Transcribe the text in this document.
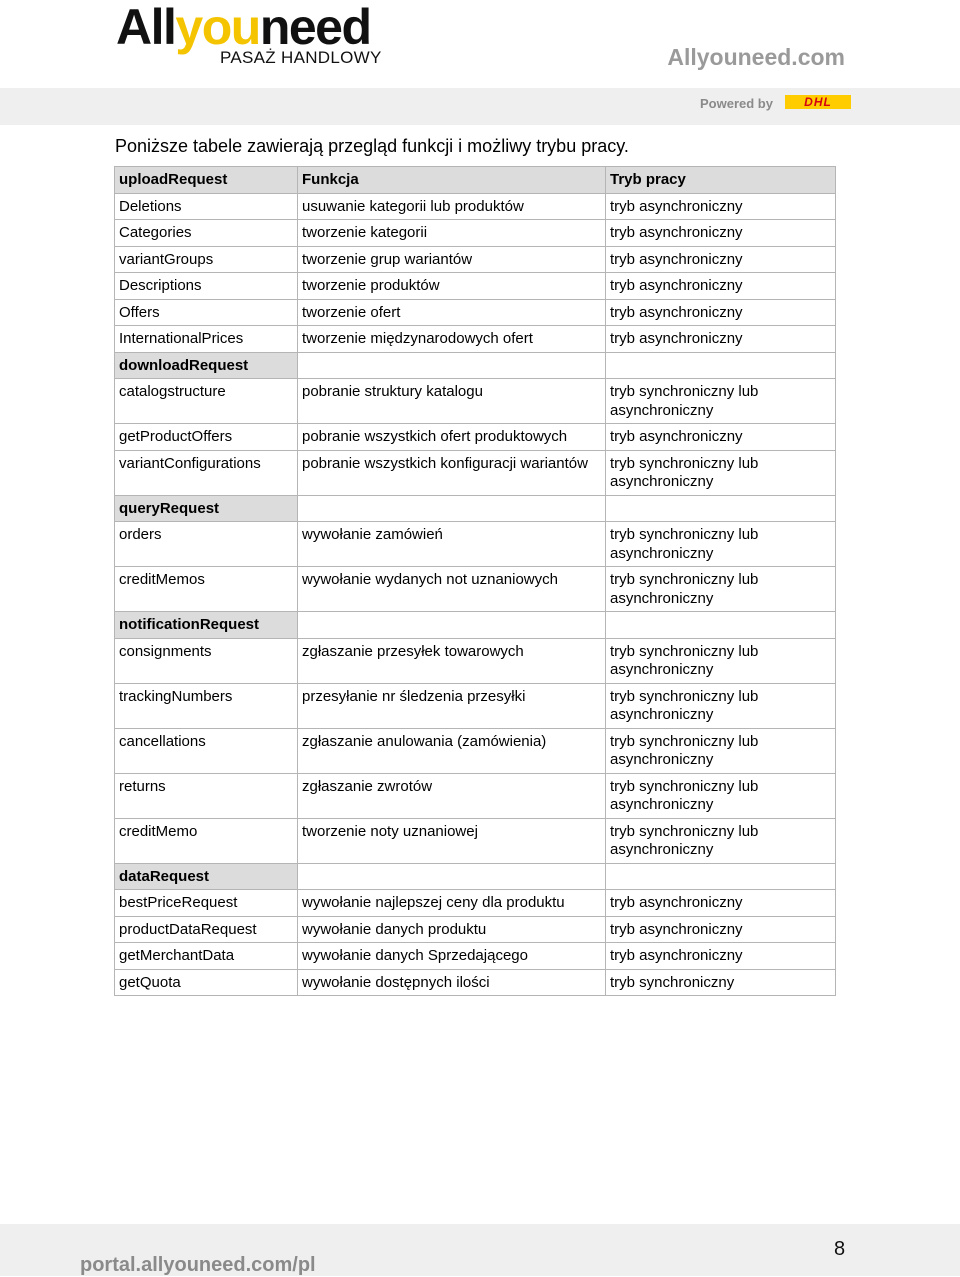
Allyouneed
PASAŻ HANDLOWY	Allyouneed.com
Powered by	DHL
Poniższe tabele zawierają przegląd funkcji i możliwy trybu pracy.
uploadRequest	Funkcja	Tryb pracy
Deletions	usuwanie kategorii lub produktów	tryb asynchroniczny
Categories	tworzenie kategorii	tryb asynchroniczny
variantGroups	tworzenie grup wariantów	tryb asynchroniczny
Descriptions	tworzenie produktów	tryb asynchroniczny
Offers	tworzenie ofert	tryb asynchroniczny
InternationalPrices	tworzenie międzynarodowych ofert	tryb asynchroniczny
downloadRequest		
catalogstructure	pobranie struktury katalogu	tryb synchroniczny lub asynchroniczny
getProductOffers	pobranie wszystkich ofert produktowych	tryb asynchroniczny
variantConfigurations	pobranie wszystkich konfiguracji wariantów	tryb synchroniczny lub asynchroniczny
queryRequest		
orders	wywołanie zamówień	tryb synchroniczny lub asynchroniczny
creditMemos	wywołanie wydanych not uznaniowych	tryb synchroniczny lub asynchroniczny
notificationRequest		
consignments	zgłaszanie przesyłek towarowych	tryb synchroniczny lub asynchroniczny
trackingNumbers	przesyłanie nr śledzenia przesyłki	tryb synchroniczny lub asynchroniczny
cancellations	zgłaszanie anulowania (zamówienia)	tryb synchroniczny lub asynchroniczny
returns	zgłaszanie zwrotów	tryb synchroniczny lub asynchroniczny
creditMemo	tworzenie noty uznaniowej	tryb synchroniczny lub asynchroniczny
dataRequest		
bestPriceRequest	wywołanie najlepszej ceny dla produktu	tryb asynchroniczny
productDataRequest	wywołanie danych produktu	tryb asynchroniczny
getMerchantData	wywołanie danych Sprzedającego	tryb asynchroniczny
getQuota	wywołanie dostępnych ilości	tryb synchroniczny
portal.allyouneed.com/pl
8
